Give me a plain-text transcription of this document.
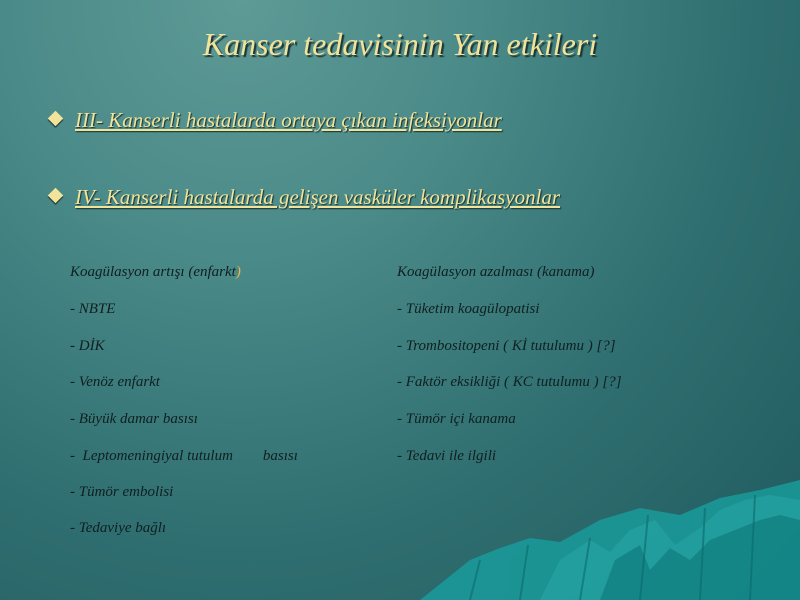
Kanser tedavisinin Yan etkileri
III- Kanserli hastalarda ortaya çıkan infeksiyonlar
IV- Kanserli hastalarda gelişen vasküler komplikasyonlar
Koagülasyon artışı (enfarkt)
- NBTE
- DİK
- Venöz enfarkt
- Büyük damar basısı
-  Leptomeningiyal tutulum        basısı
- Tümör embolisi
- Tedaviye bağlı
Koagülasyon azalması (kanama)
- Tüketim koagülopatisi
- Trombositopeni ( Kİ tutulumu ) [?]
- Faktör eksikliği ( KC tutulumu ) [?]
- Tümör içi kanama
- Tedavi ile ilgili
